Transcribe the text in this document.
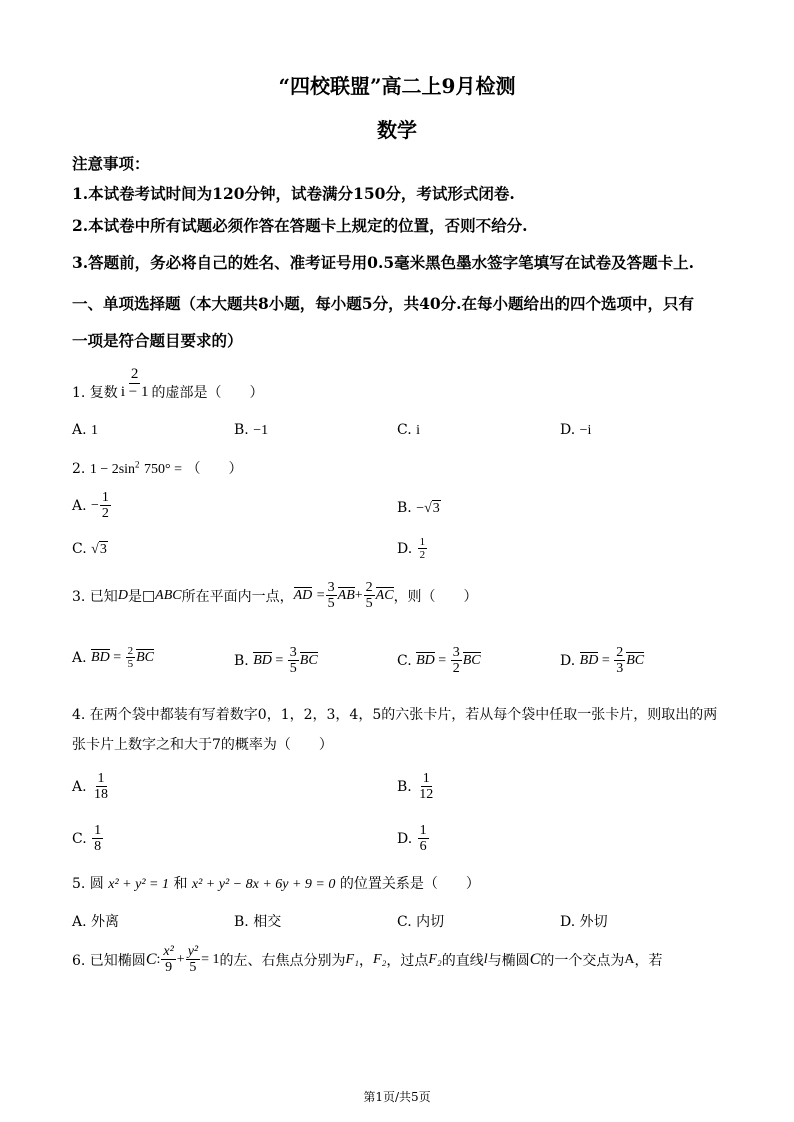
“四校联盟”高二上9月检测
数学
注意事项：
1.本试卷考试时间为120分钟，试卷满分150分，考试形式闭卷.
2.本试卷中所有试题必须作答在答题卡上规定的位置，否则不给分.
3.答题前，务必将自己的姓名、准考证号用0.5毫米黑色墨水签字笔填写在试卷及答题卡上.
一、单项选择题（本大题共8小题，每小题5分，共40分.在每小题给出的四个选项中，只有
一项是符合题目要求的）
1. 复数 $\frac{2}{i - 1}$ 的虚部是（　　）
A. 1	B. −1	C. i	D. −i
2. $1 - 2\sin^2$ 750° = （　　）
A.
− $\frac{1}{2}$	B. −√3
C. √3	D.
$\frac{1}{2}$
3. 已知 D 是 □ ABC 所在平面内一点， AD
= $\frac{3}{5}$ AB + $\frac{2}{5}$ AC ，则（　　）
A.
BD = $\frac{2}{5}$ BC	B.
BD = $\frac{3}{5}$ BC	C.
BD = $\frac{3}{2}$ BC	D.
BD = $\frac{2}{3}$ BC
4. 在两个袋中都装有写着数字0，1，2，3，4，5的六张卡片，若从每个袋中任取一张卡片，则取出的两
张卡片上数字之和大于7的概率为（　　）
A.
$\frac{1}{18}$	B.
$\frac{1}{12}$
C.
$\frac{1}{8}$	D.
$\frac{1}{6}$
5. 圆 x² + y² = 1 和 x² + y² − 8x + 6y + 9 = 0 的位置关系是（　　）
A. 外离	B. 相交	C. 内切	D. 外切
6. 已知椭圆 C : $\frac{\text{x²}}{9} + \frac{\text{y²}}{5} = 1$ 的左、右焦点分别为 F₁ ， F₂ ，过点 F₂ 的直线 l 与椭圆 C 的一个交点为 A ，若
第1页/共5页
